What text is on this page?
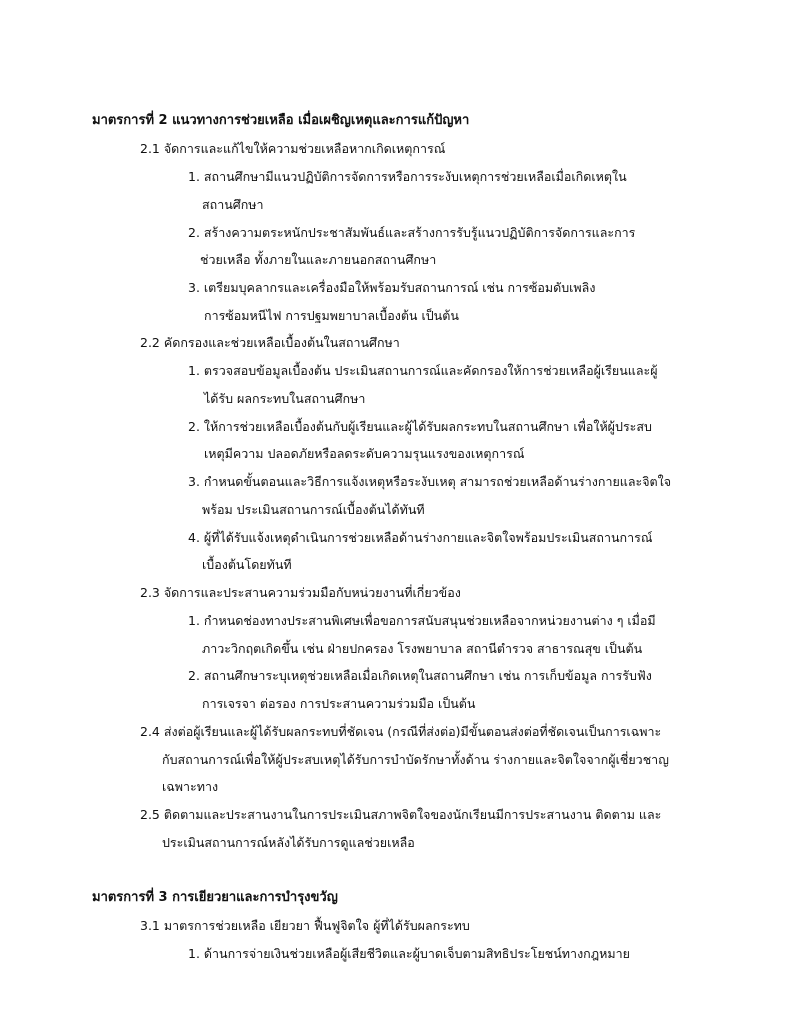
มาตรการที่ 2 แนวทางการช่วยเหลือ เมื่อเผชิญเหตุและการแก้ปัญหา
2.1 จัดการและแก้ไขให้ความช่วยเหลือหากเกิดเหตุการณ์
1. สถานศึกษามีแนวปฏิบัติการจัดการหรือการระงับเหตุการช่วยเหลือเมื่อเกิดเหตุใน
สถานศึกษา
2. สร้างความตระหนักประชาสัมพันธ์และสร้างการรับรู้แนวปฏิบัติการจัดการและการ
ช่วยเหลือ ทั้งภายในและภายนอกสถานศึกษา
3. เตรียมบุคลากรและเครื่องมือให้พร้อมรับสถานการณ์ เช่น การซ้อมดับเพลิง
การซ้อมหนีไฟ การปฐมพยาบาลเบื้องต้น เป็นต้น
2.2 คัดกรองและช่วยเหลือเบื้องต้นในสถานศึกษา
1. ตรวจสอบข้อมูลเบื้องต้น ประเมินสถานการณ์และคัดกรองให้การช่วยเหลือผู้เรียนและผู้
ได้รับ ผลกระทบในสถานศึกษา
2. ให้การช่วยเหลือเบื้องต้นกับผู้เรียนและผู้ได้รับผลกระทบในสถานศึกษา เพื่อให้ผู้ประสบ
เหตุมีความ ปลอดภัยหรือลดระดับความรุนแรงของเหตุการณ์
3. กำหนดขั้นตอนและวิธีการแจ้งเหตุหรือระงับเหตุ สามารถช่วยเหลือด้านร่างกายและจิตใจ
พร้อม ประเมินสถานการณ์เบื้องต้นได้ทันที
4. ผู้ที่ได้รับแจ้งเหตุดำเนินการช่วยเหลือด้านร่างกายและจิตใจพร้อมประเมินสถานการณ์
เบื้องต้นโดยทันที
2.3 จัดการและประสานความร่วมมือกับหน่วยงานที่เกี่ยวข้อง
1. กำหนดช่องทางประสานพิเศษเพื่อขอการสนับสนุนช่วยเหลือจากหน่วยงานต่าง ๆ เมื่อมี
ภาวะวิกฤตเกิดขึ้น เช่น ฝ่ายปกครอง โรงพยาบาล สถานีตำรวจ สาธารณสุข เป็นต้น
2. สถานศึกษาระบุเหตุช่วยเหลือเมื่อเกิดเหตุในสถานศึกษา เช่น การเก็บข้อมูล การรับฟัง
การเจรจา ต่อรอง การประสานความร่วมมือ เป็นต้น
2.4 ส่งต่อผู้เรียนและผู้ได้รับผลกระทบที่ชัดเจน (กรณีที่ส่งต่อ)มีขั้นตอนส่งต่อที่ชัดเจนเป็นการเฉพาะ
กับสถานการณ์เพื่อให้ผู้ประสบเหตุได้รับการบำบัดรักษาทั้งด้าน ร่างกายและจิตใจจากผู้เชี่ยวชาญ
เฉพาะทาง
2.5 ติดตามและประสานงานในการประเมินสภาพจิตใจของนักเรียนมีการประสานงาน ติดตาม และ
ประเมินสถานการณ์หลังได้รับการดูแลช่วยเหลือ
มาตรการที่ 3 การเยียวยาและการบำรุงขวัญ
3.1 มาตรการช่วยเหลือ เยียวยา ฟื้นฟูจิตใจ ผู้ที่ได้รับผลกระทบ
1. ด้านการจ่ายเงินช่วยเหลือผู้เสียชีวิตและผู้บาดเจ็บตามสิทธิประโยชน์ทางกฎหมาย
